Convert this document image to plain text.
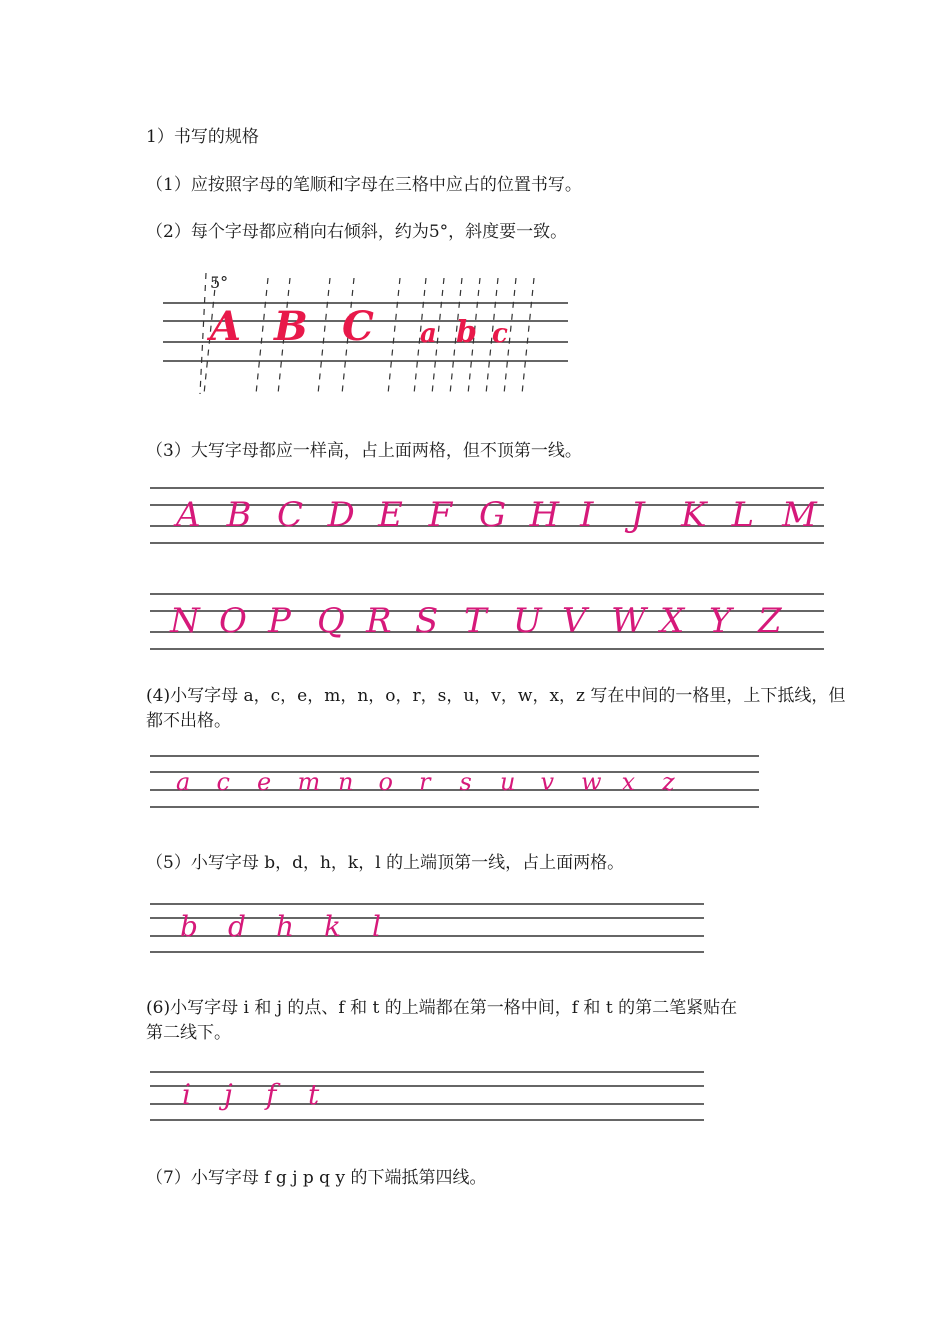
1）书写的规格
（1）应按照字母的笔顺和字母在三格中应占的位置书写。
（2）每个字母都应稍向右倾斜，约为5°，斜度要一致。
（3）大写字母都应一样高，占上面两格，但不顶第一线。
(4)小写字母 a，c，e，m，n，o，r，s，u，v，w，x，z 写在中间的一格里，上下抵线，但
都不出格。
（5）小写字母 b，d，h，k，l 的上端顶第一线，占上面两格。
(6)小写字母 i 和 j 的点、f 和 t 的上端都在第一格中间，f 和 t 的第二笔紧贴在
第二线下。
（7）小写字母 f g j p q y 的下端抵第四线。
5°
A B C a b c
A B C D E F G H I J K L M
N O P Q R S T U V W X Y Z
a c e m n o r s u v w x z
b d h k l
i j f t
